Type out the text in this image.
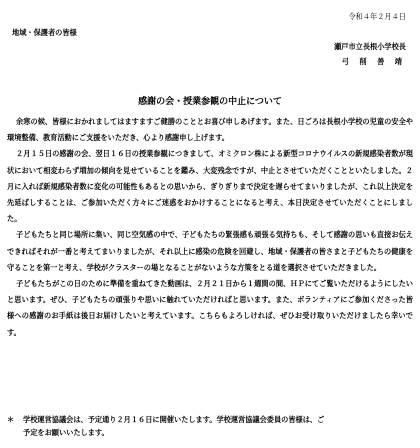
令和４年２月４日
地域・保護者の皆様
瀬戸市立長根小学校長
弓 削 善 靖
感謝の会・授業参観の中止について

余寒の候、皆様におかれましてはますますご健勝のこととお喜び申しあげます。また、日ごろは長根小学校の児童の安全や環境整備、教育活動にご支援をいただき、心より感謝申し上げます。

２月１５日の感謝の会、翌日１６日の授業参観につきまして、オミクロン株による新型コロナウイルスの新規感染者数が現状において相変わらず増加の傾向を見せていることを鑑み、大変残念ですが、中止とさせていただくことといたしました。２月に入れば新規感染者数に変化の可能性もあるとの思いから、ぎりぎりまで決定を遅らせてまいりましたが、これ以上決定を先延ばしすることは、ご参加いただく方々にご迷惑をおかけすることになると考え、本日決定させていただくことにしました。

子どもたちと同じ場所に集い、同じ空気感の中で、子どもたちの緊張感も頑張る気持ちも、そして感謝の思いも直接お伝えできればそれが一番と考えてまいりましたが、それ以上に感染の危険を回避し、地域・保護者の皆さまと子どもたちの健康を守ることを第一と考え、学校がクラスターの場となることがないような方策をとる道を選択させていただきました。

子どもたちがこの日のために準備を重ねてきた動画は、２月２１日から１週間の間、ＨＰにてご覧いただけるようにしたいと思います。ぜひ、子どもたちの頑張りや思いに触れていただければと思います。また、ボランティアにご参加くださった皆様への感謝のお手紙は後日お届けしたいと考えています。こちらもよろしければ、ぜひお受け取りいただけましたら幸いです。

＊ 学校運営協議会は、予定通り２月１６日に開催いたします。学校運営協議会委員の皆様は、ご
予定をお願いいたします。
